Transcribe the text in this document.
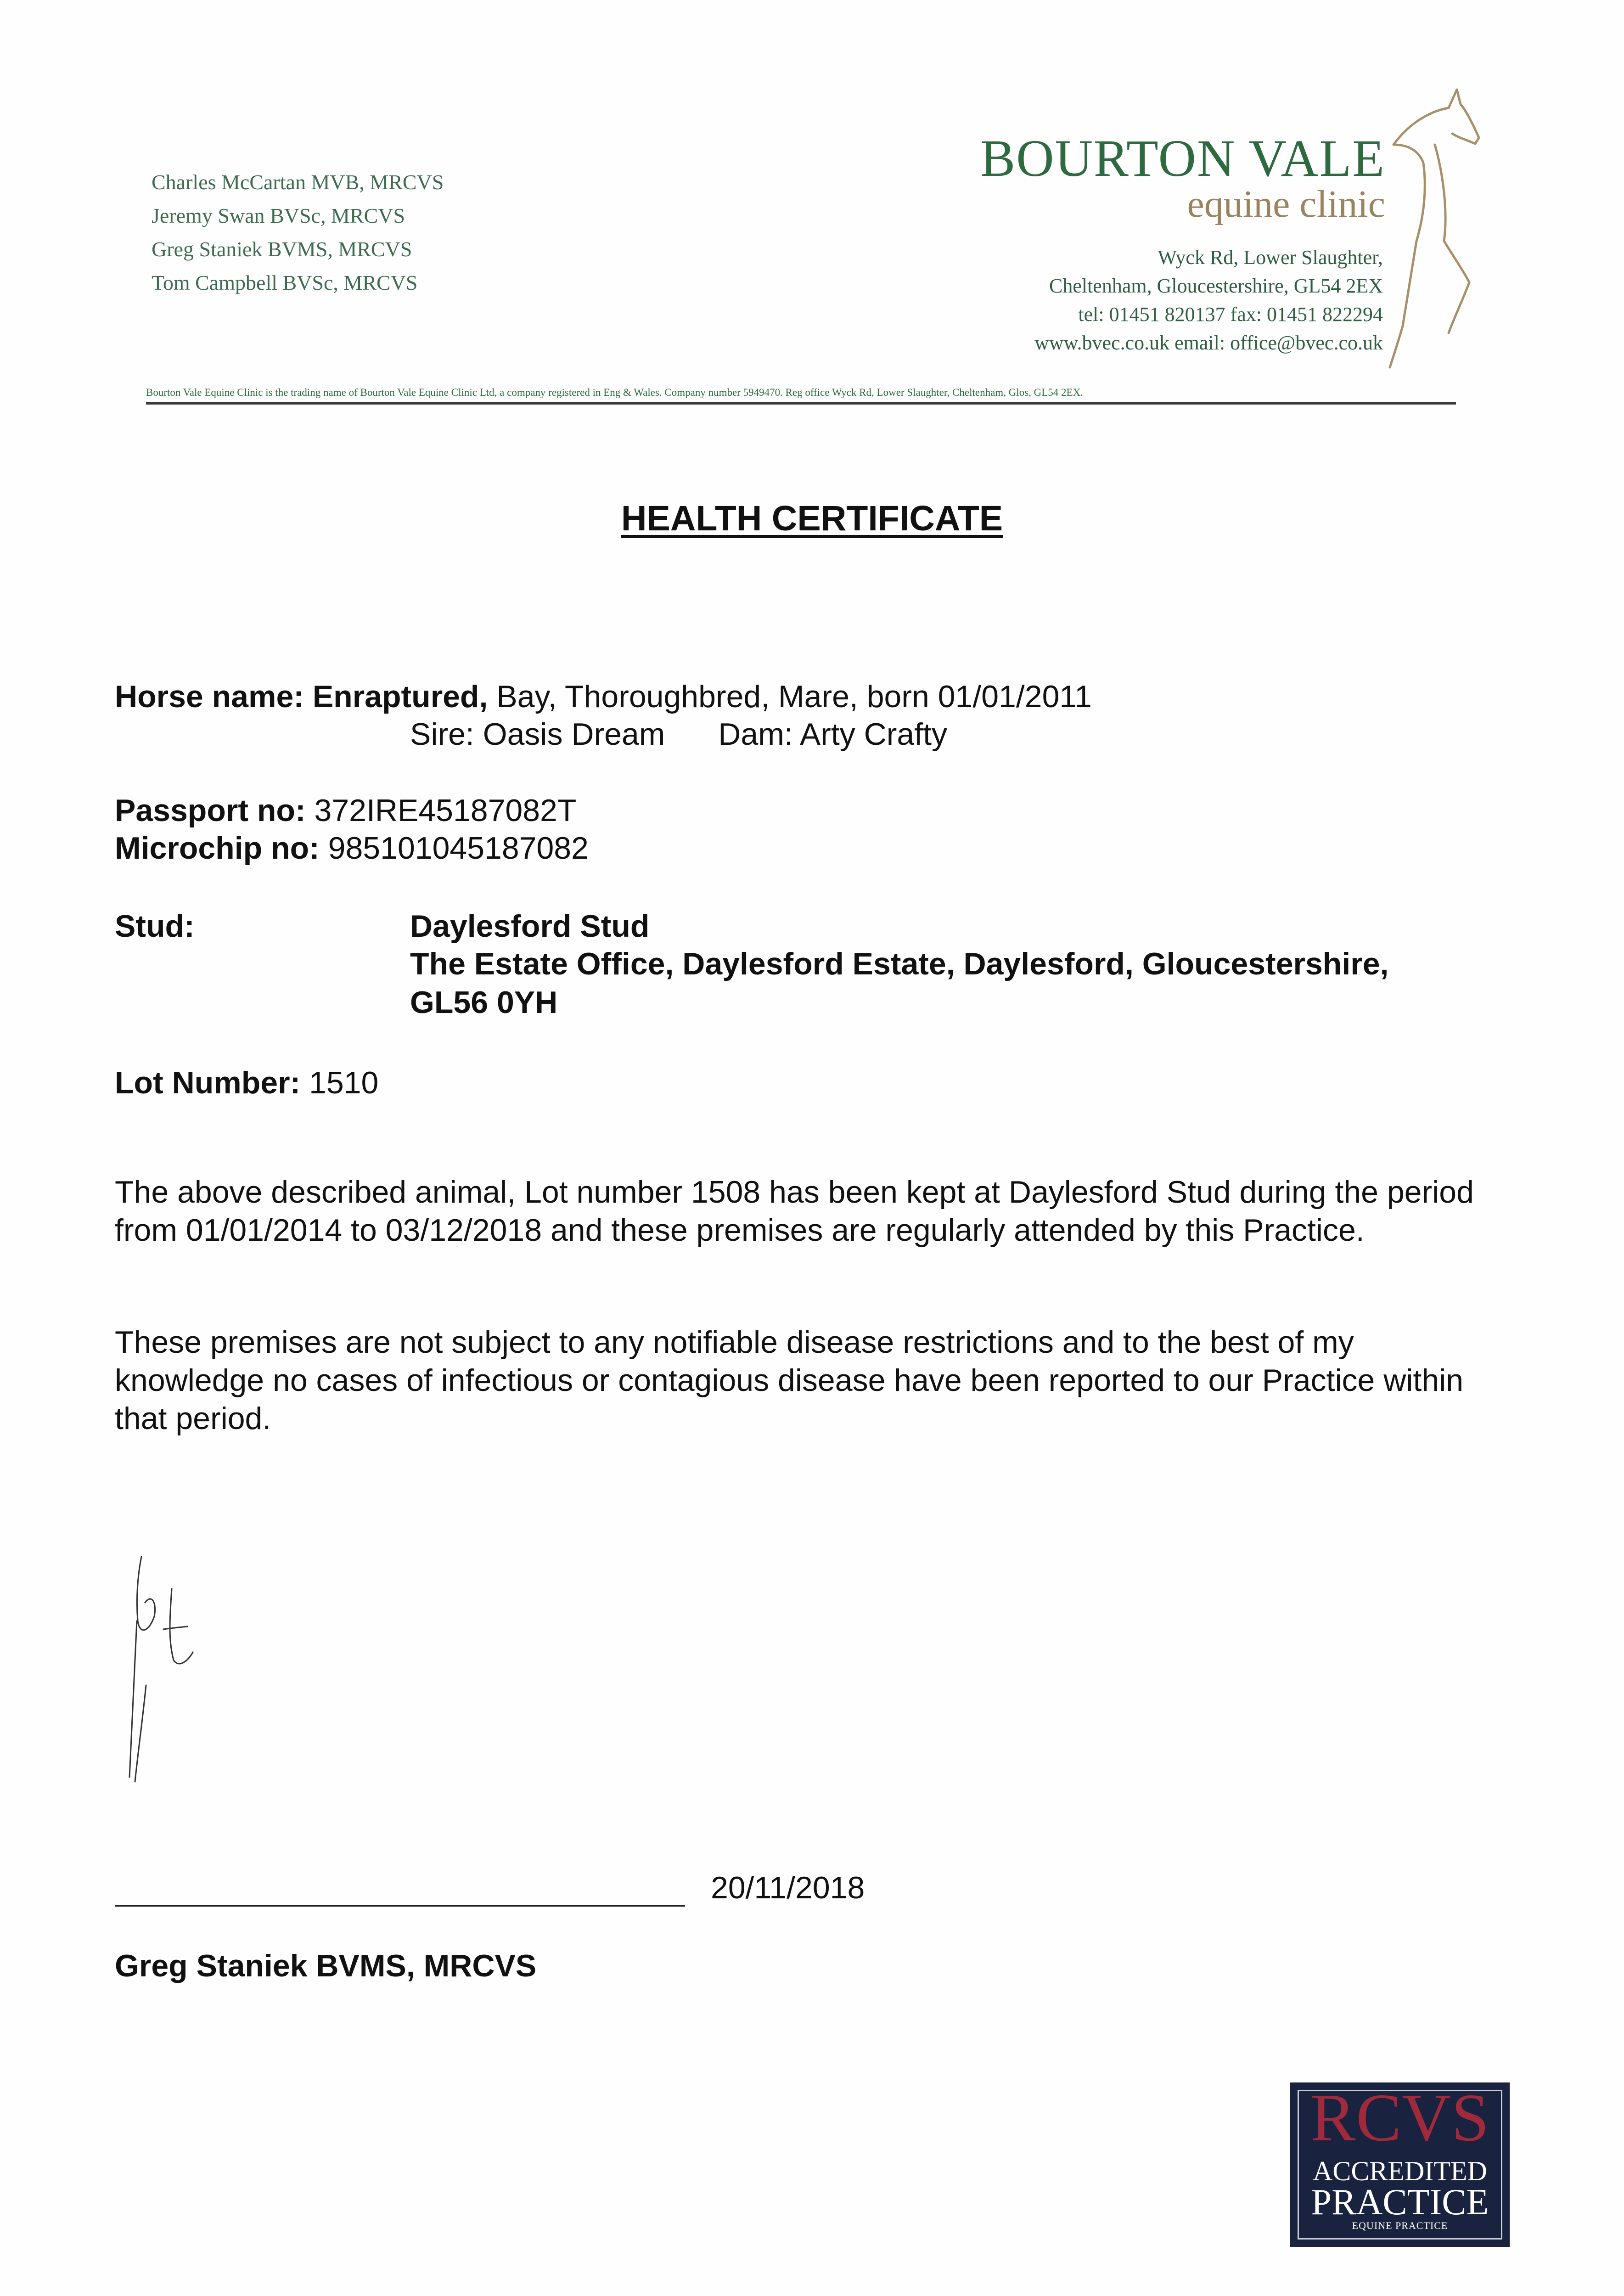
Charles McCartan MVB, MRCVS
Jeremy Swan BVSc, MRCVS
Greg Staniek BVMS, MRCVS
Tom Campbell BVSc, MRCVS
BOURTON VALE
equine clinic
Wyck Rd, Lower Slaughter,
Cheltenham, Gloucestershire, GL54 2EX
tel: 01451 820137 fax: 01451 822294
www.bvec.co.uk email: office@bvec.co.uk
Bourton Vale Equine Clinic is the trading name of Bourton Vale Equine Clinic Ltd, a company registered in Eng & Wales. Company number 5949470. Reg office Wyck Rd, Lower Slaughter, Cheltenham, Glos, GL54 2EX.
HEALTH CERTIFICATE
Horse name: Enraptured, Bay, Thoroughbred, Mare, born 01/01/2011
Sire: Oasis Dream Dam: Arty Crafty
Passport no: 372IRE45187082T
Microchip no: 985101045187082
Stud:	Daylesford Stud
The Estate Office, Daylesford Estate, Daylesford, Gloucestershire,
GL56 0YH
Lot Number: 1510

The above described animal, Lot number 1508 has been kept at Daylesford Stud during the period from 01/01/2014 to 03/12/2018 and these premises are regularly attended by this Practice.

These premises are not subject to any notifiable disease restrictions and to the best of my knowledge no cases of infectious or contagious disease have been reported to our Practice within that period.

20/11/2018
Greg Staniek BVMS, MRCVS
RCVS
ACCREDITED
PRACTICE
EQUINE PRACTICE
